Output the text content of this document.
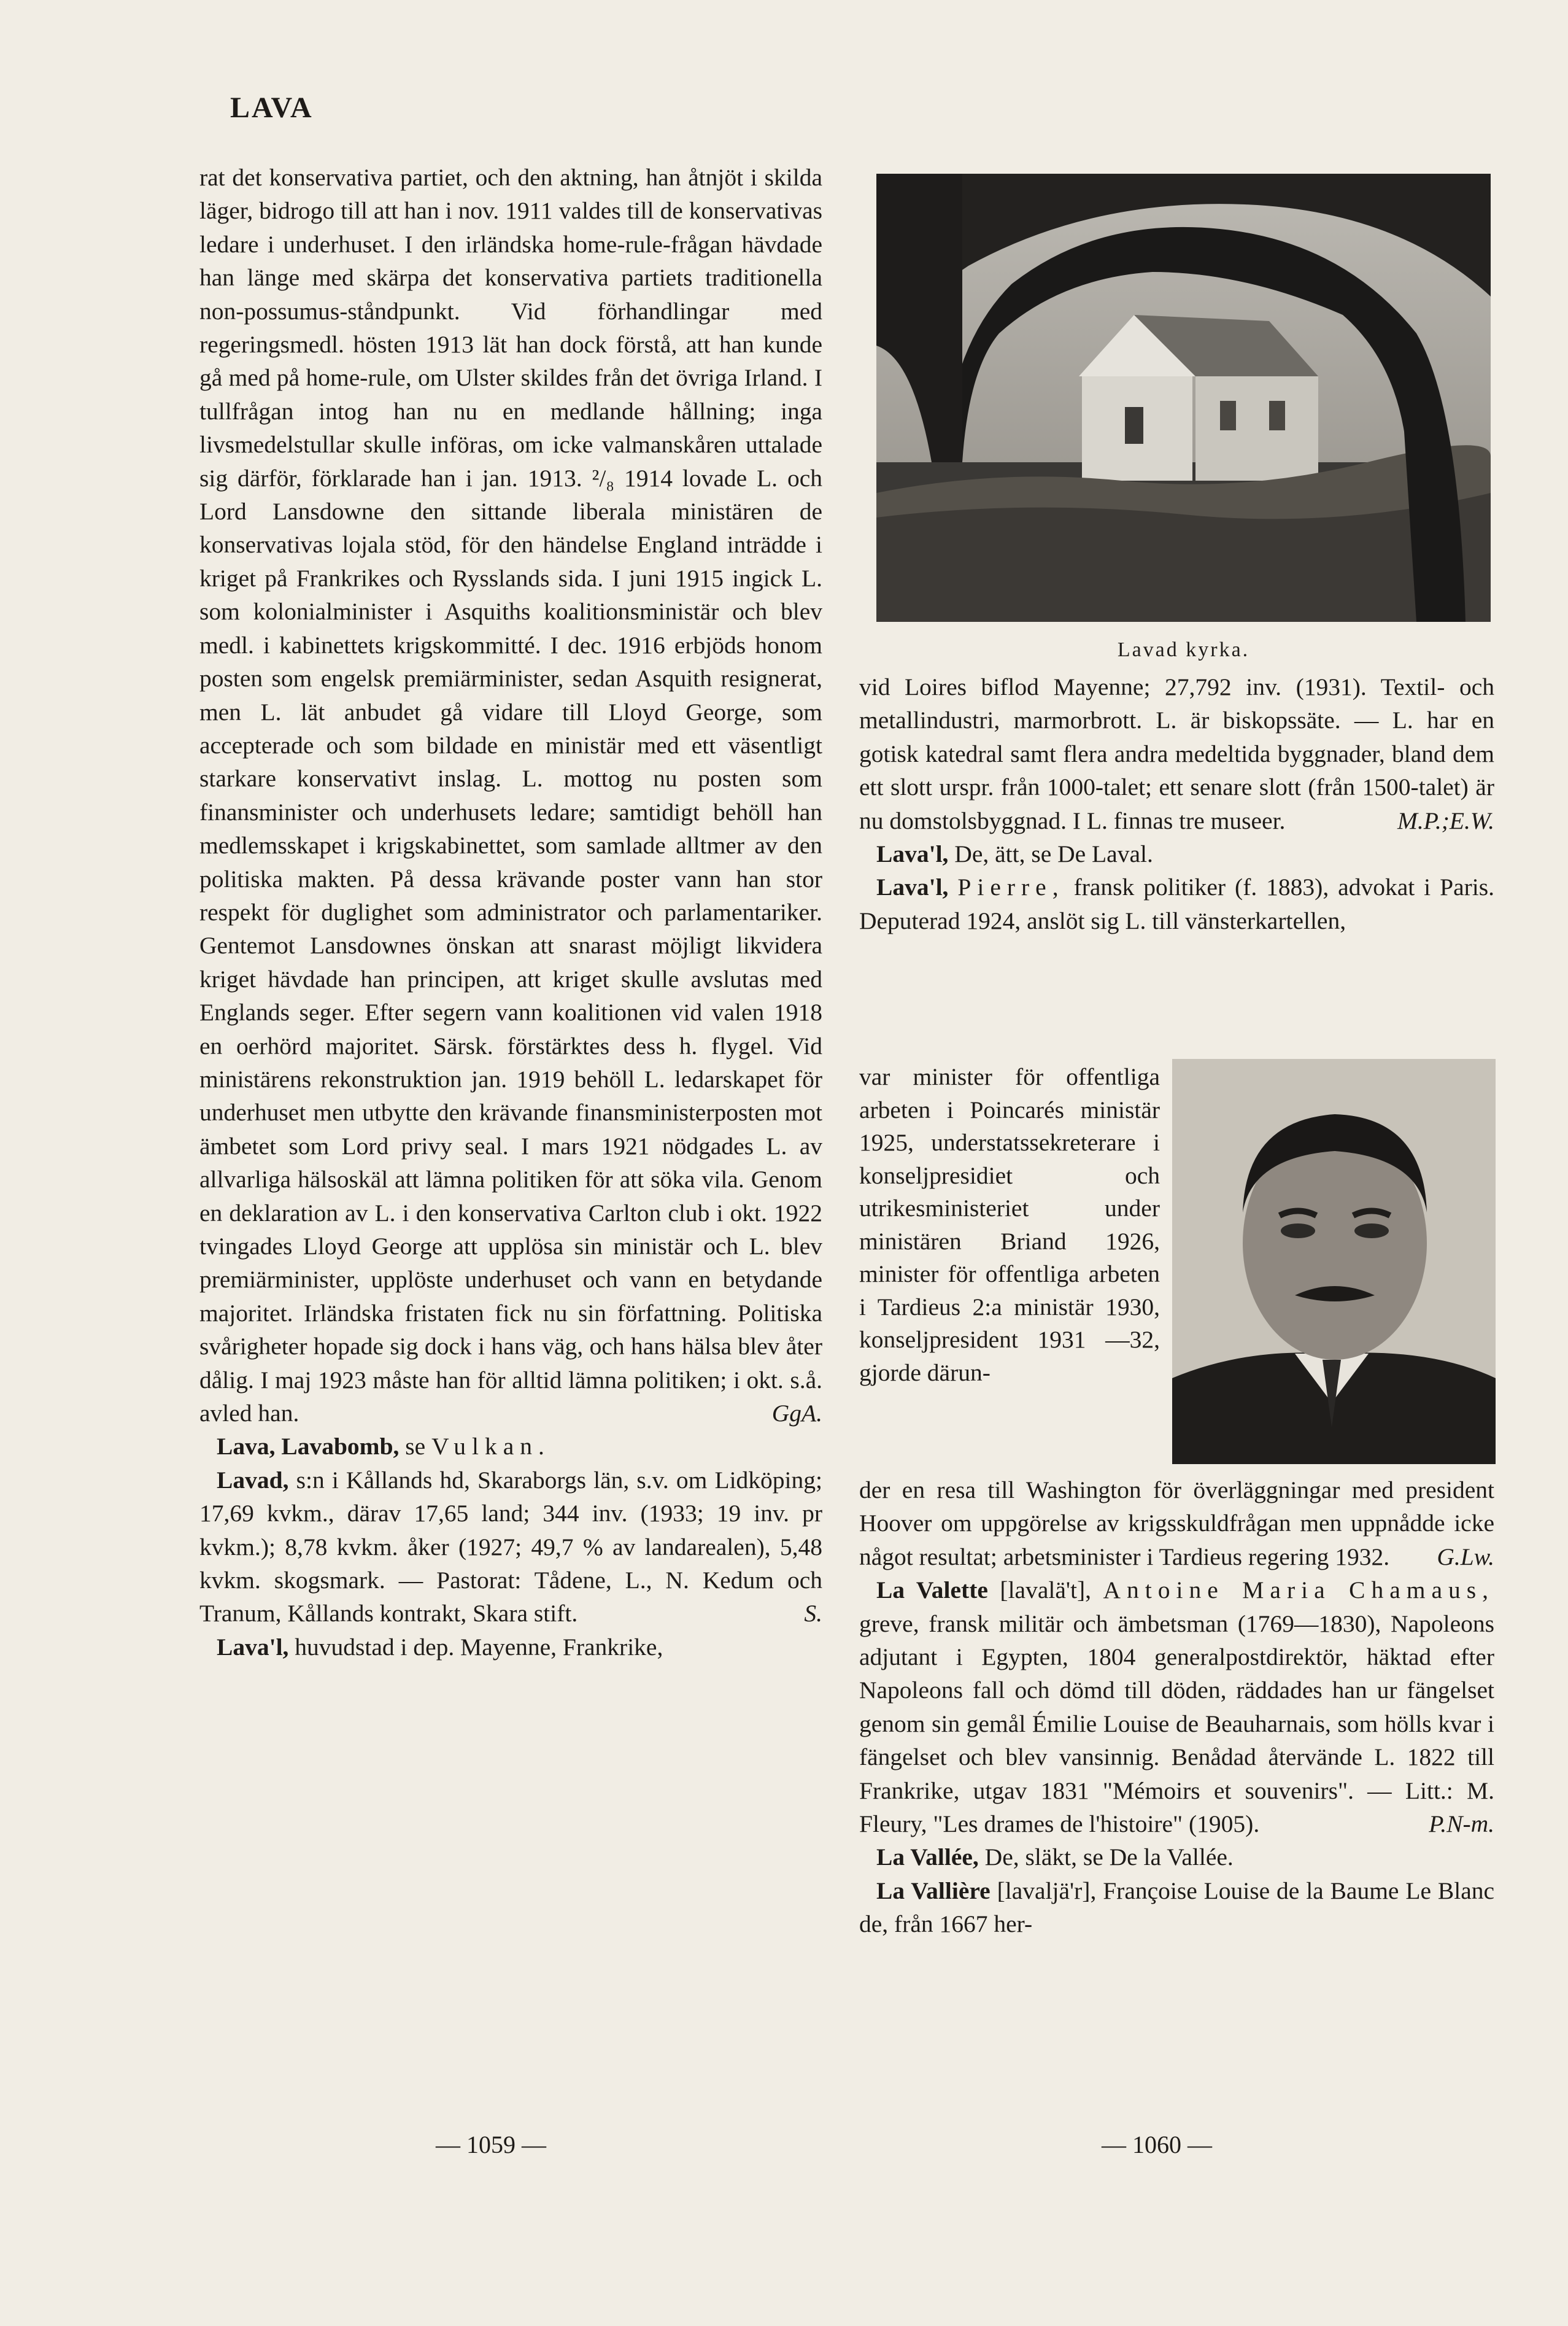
LAVA

rat det konservativa partiet, och den aktning, han åtnjöt i skilda läger, bidrogo till att han i nov. 1911 valdes till de konservativas ledare i underhuset. I den irländska home-rule-frågan hävdade han länge med skärpa det konservativa partiets traditionella non-possumus-ståndpunkt. Vid förhandlingar med regeringsmedl. hösten 1913 lät han dock förstå, att han kunde gå med på home-rule, om Ulster skildes från det övriga Irland. I tullfrågan intog han nu en medlande hållning; inga livsmedelstullar skulle införas, om icke valmanskåren uttalade sig därför, förklarade han i jan. 1913. ²/₈ 1914 lovade L. och Lord Lansdowne den sittande liberala ministären de konservativas lojala stöd, för den händelse England inträdde i kriget på Frankrikes och Rysslands sida. I juni 1915 ingick L. som kolonialminister i Asquiths koalitionsministär och blev medl. i kabinettets krigskommitté. I dec. 1916 erbjöds honom posten som engelsk premiärminister, sedan Asquith resignerat, men L. lät anbudet gå vidare till Lloyd George, som accepterade och som bildade en ministär med ett väsentligt starkare konservativt inslag. L. mottog nu posten som finansminister och underhusets ledare; samtidigt behöll han medlemsskapet i krigskabinettet, som samlade alltmer av den politiska makten. På dessa krävande poster vann han stor respekt för duglighet som administrator och parlamentariker. Gentemot Lansdownes önskan att snarast möjligt likvidera kriget hävdade han principen, att kriget skulle avslutas med Englands seger. Efter segern vann koalitionen vid valen 1918 en oerhörd majoritet. Särsk. förstärktes dess h. flygel. Vid ministärens rekonstruktion jan. 1919 behöll L. ledarskapet för underhuset men utbytte den krävande finansministerposten mot ämbetet som Lord privy seal. I mars 1921 nödgades L. av allvarliga hälsoskäl att lämna politiken för att söka vila. Genom en deklaration av L. i den konservativa Carlton club i okt. 1922 tvingades Lloyd George att upplösa sin ministär och L. blev premiärminister, upplöste underhuset och vann en betydande majoritet. Irländska fristaten fick nu sin författning. Politiska svårigheter hopade sig dock i hans väg, och hans hälsa blev åter dålig. I maj 1923 måste han för alltid lämna politiken; i okt. s.å. avled han.	GgA.

Lava, Lavabomb, se Vulkan.

Lavad, s:n i Kållands hd, Skaraborgs län, s.v. om Lidköping; 17,69 kvkm., därav 17,65 land; 344 inv. (1933; 19 inv. pr kvkm.); 8,78 kvkm. åker (1927; 49,7 % av landarealen), 5,48 kvkm. skogsmark. — Pastorat: Tådene, L., N. Kedum och Tranum, Kållands kontrakt, Skara stift.	S.

Lava'l, huvudstad i dep. Mayenne, Frankrike,

Lavad kyrka.

vid Loires biflod Mayenne; 27,792 inv. (1931). Textil- och metallindustri, marmorbrott. L. är biskopssäte. — L. har en gotisk katedral samt flera andra medeltida byggnader, bland dem ett slott urspr. från 1000-talet; ett senare slott (från 1500-talet) är nu domstolsbyggnad. I L. finnas tre museer.	M.P.;E.W.

Lava'l, De, ätt, se De Laval.

Lava'l, Pierre, fransk politiker (f. 1883), advokat i Paris. Deputerad 1924, anslöt sig L. till vänsterkartellen,

var minister för offentliga arbeten i Poincarés ministär 1925, understatssekreterare i konseljpresidiet och utrikesministeriet under ministären Briand 1926, minister för offentliga arbeten i Tardieus 2:a ministär 1930, konseljpresident 1931 —32, gjorde därun-

der en resa till Washington för överläggningar med president Hoover om uppgörelse av krigsskuldfrågan men uppnådde icke något resultat; arbetsminister i Tardieus regering 1932. G.Lw.

La Valette [lavalä't], Antoine Maria Chamaus, greve, fransk militär och ämbetsman (1769—1830), Napoleons adjutant i Egypten, 1804 generalpostdirektör, häktad efter Napoleons fall och dömd till döden, räddades han ur fängelset genom sin gemål Émilie Louise de Beauharnais, som hölls kvar i fängelset och blev vansinnig. Benådad återvände L. 1822 till Frankrike, utgav 1831 "Mémoirs et souvenirs". — Litt.: M. Fleury, "Les drames de l'histoire" (1905).	P.N-m.

La Vallée, De, släkt, se De la Vallée.

La Vallière [lavaljä'r], Françoise Louise de la Baume Le Blanc de, från 1667 her-

— 1059 —	— 1060 —
